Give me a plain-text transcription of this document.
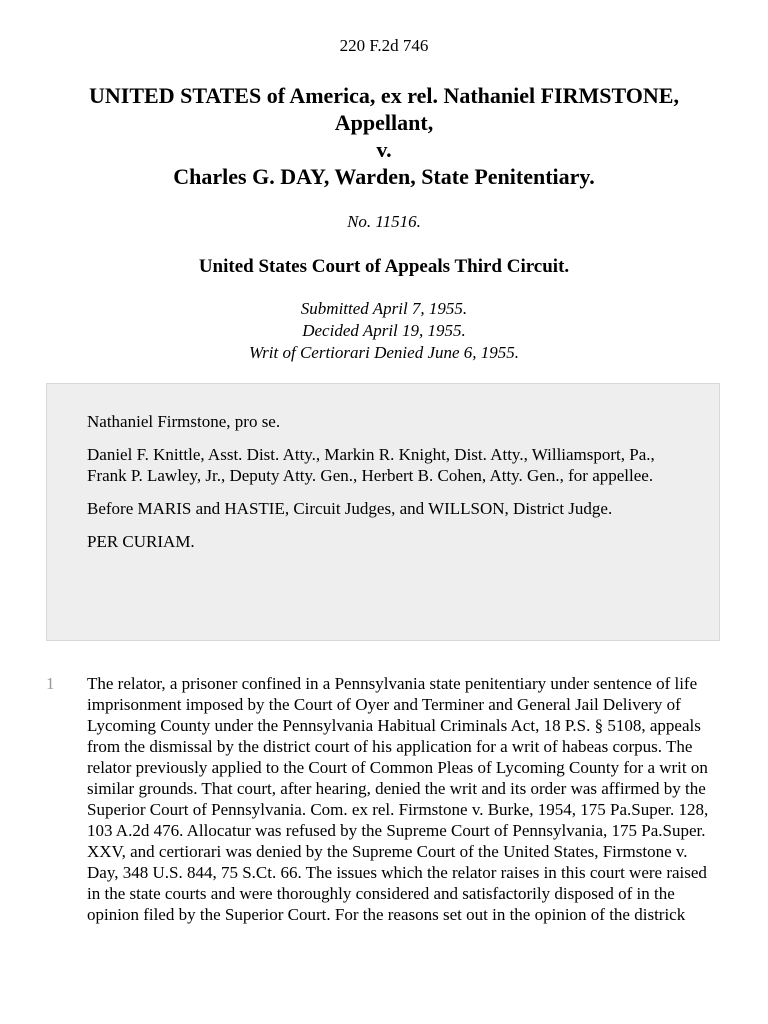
220 F.2d 746
UNITED STATES of America, ex rel. Nathaniel FIRMSTONE,
Appellant,
v.
Charles G. DAY, Warden, State Penitentiary.
No. 11516.
United States Court of Appeals Third Circuit.
Submitted April 7, 1955.
Decided April 19, 1955.
Writ of Certiorari Denied June 6, 1955.

Nathaniel Firmstone, pro se.

Daniel F. Knittle, Asst. Dist. Atty., Markin R. Knight, Dist. Atty., Williamsport, Pa., Frank P. Lawley, Jr., Deputy Atty. Gen., Herbert B. Cohen, Atty. Gen., for appellee.

Before MARIS and HASTIE, Circuit Judges, and WILLSON, District Judge.

PER CURIAM.

1 The relator, a prisoner confined in a Pennsylvania state penitentiary under sentence of life imprisonment imposed by the Court of Oyer and Terminer and General Jail Delivery of Lycoming County under the Pennsylvania Habitual Criminals Act, 18 P.S. § 5108, appeals from the dismissal by the district court of his application for a writ of habeas corpus. The relator previously applied to the Court of Common Pleas of Lycoming County for a writ on similar grounds. That court, after hearing, denied the writ and its order was affirmed by the Superior Court of Pennsylvania. Com. ex rel. Firmstone v. Burke, 1954, 175 Pa.Super. 128, 103 A.2d 476. Allocatur was refused by the Supreme Court of Pennsylvania, 175 Pa.Super. XXV, and certiorari was denied by the Supreme Court of the United States, Firmstone v. Day, 348 U.S. 844, 75 S.Ct. 66. The issues which the relator raises in this court were raised in the state courts and were thoroughly considered and satisfactorily disposed of in the opinion filed by the Superior Court. For the reasons set out in the opinion of the districk
